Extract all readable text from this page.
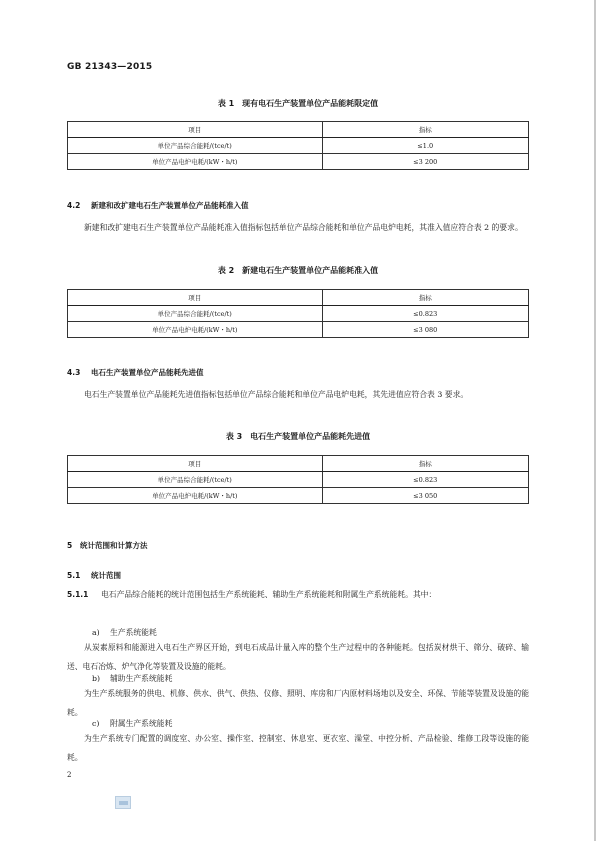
GB 21343—2015
表 1　现有电石生产装置单位产品能耗限定值
项目	指标
单位产品综合能耗/(tce/t)	≤1.0
单位产品电炉电耗/(kW・h/t)	≤3 200
4.2 新建和改扩建电石生产装置单位产品能耗准入值
新建和改扩建电石生产装置单位产品能耗准入值指标包括单位产品综合能耗和单位产品电炉电耗，其准入值应符合表 2 的要求。
表 2　新建电石生产装置单位产品能耗准入值
项目	指标
单位产品综合能耗/(tce/t)	≤0.823
单位产品电炉电耗/(kW・h/t)	≤3 080
4.3 电石生产装置单位产品能耗先进值
电石生产装置单位产品能耗先进值指标包括单位产品综合能耗和单位产品电炉电耗，其先进值应符合表 3 要求。
表 3　电石生产装置单位产品能耗先进值
项目	指标
单位产品综合能耗/(tce/t)	≤0.823
单位产品电炉电耗/(kW・h/t)	≤3 050
5 统计范围和计算方法
5.1 统计范围
5.1.1 电石产品综合能耗的统计范围包括生产系统能耗、辅助生产系统能耗和附属生产系统能耗。其中：
a) 生产系统能耗
从炭素原料和能源进入电石生产界区开始，到电石成品计量入库的整个生产过程中的各种能耗。包括炭材烘干、筛分、破碎、输送、电石冶炼、炉气净化等装置及设施的能耗。
b) 辅助生产系统能耗
为生产系统服务的供电、机修、供水、供气、供热、仪修、照明、库房和厂内原材料场地以及安全、环保、节能等装置及设施的能耗。
c) 附属生产系统能耗
为生产系统专门配置的调度室、办公室、操作室、控制室、休息室、更衣室、澡堂、中控分析、产品检验、维修工段等设施的能耗。
2
